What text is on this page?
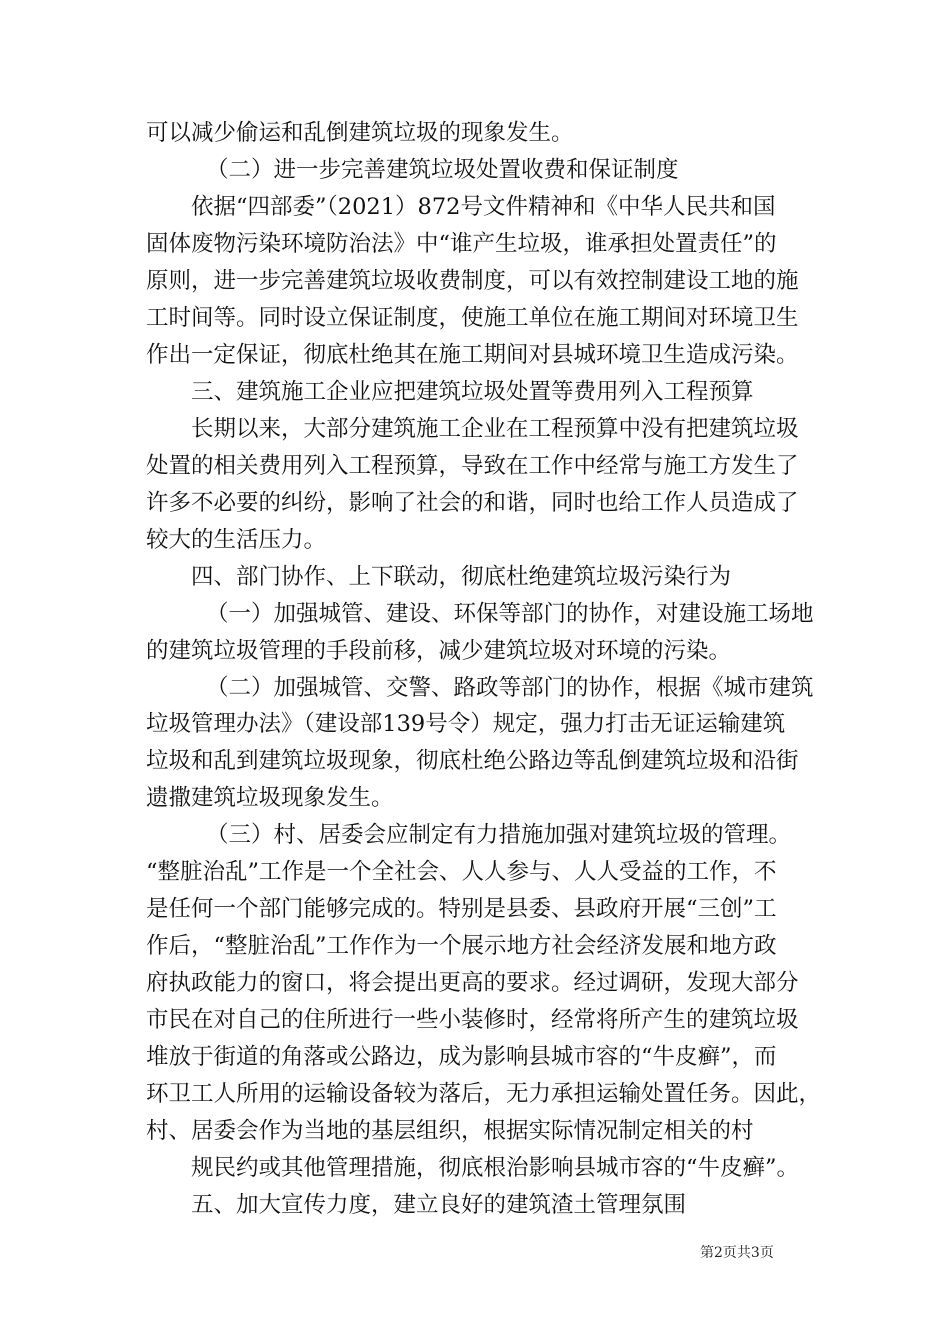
可以减少偷运和乱倒建筑垃圾的现象发生。
（二）进一步完善建筑垃圾处置收费和保证制度
依据“四部委”（2021）872号文件精神和《中华人民共和国
固体废物污染环境防治法》中“谁产生垃圾，谁承担处置责任”的
原则，进一步完善建筑垃圾收费制度，可以有效控制建设工地的施
工时间等。同时设立保证制度，使施工单位在施工期间对环境卫生
作出一定保证，彻底杜绝其在施工期间对县城环境卫生造成污染。
三、建筑施工企业应把建筑垃圾处置等费用列入工程预算
长期以来，大部分建筑施工企业在工程预算中没有把建筑垃圾
处置的相关费用列入工程预算，导致在工作中经常与施工方发生了
许多不必要的纠纷，影响了社会的和谐，同时也给工作人员造成了
较大的生活压力。
四、部门协作、上下联动，彻底杜绝建筑垃圾污染行为
（一）加强城管、建设、环保等部门的协作，对建设施工场地
的建筑垃圾管理的手段前移，减少建筑垃圾对环境的污染。
（二）加强城管、交警、路政等部门的协作，根据《城市建筑
垃圾管理办法》（建设部139号令）规定，强力打击无证运输建筑
垃圾和乱到建筑垃圾现象，彻底杜绝公路边等乱倒建筑垃圾和沿街
遗撒建筑垃圾现象发生。
（三）村、居委会应制定有力措施加强对建筑垃圾的管理。
“整脏治乱”工作是一个全社会、人人参与、人人受益的工作，不
是任何一个部门能够完成的。特别是县委、县政府开展“三创”工
作后，“整脏治乱”工作作为一个展示地方社会经济发展和地方政
府执政能力的窗口，将会提出更高的要求。经过调研，发现大部分
市民在对自己的住所进行一些小装修时，经常将所产生的建筑垃圾
堆放于街道的角落或公路边，成为影响县城市容的“牛皮癣”，而
环卫工人所用的运输设备较为落后，无力承担运输处置任务。因此，
村、居委会作为当地的基层组织，根据实际情况制定相关的村
规民约或其他管理措施，彻底根治影响县城市容的“牛皮癣”。
五、加大宣传力度，建立良好的建筑渣土管理氛围
第2页共3页
